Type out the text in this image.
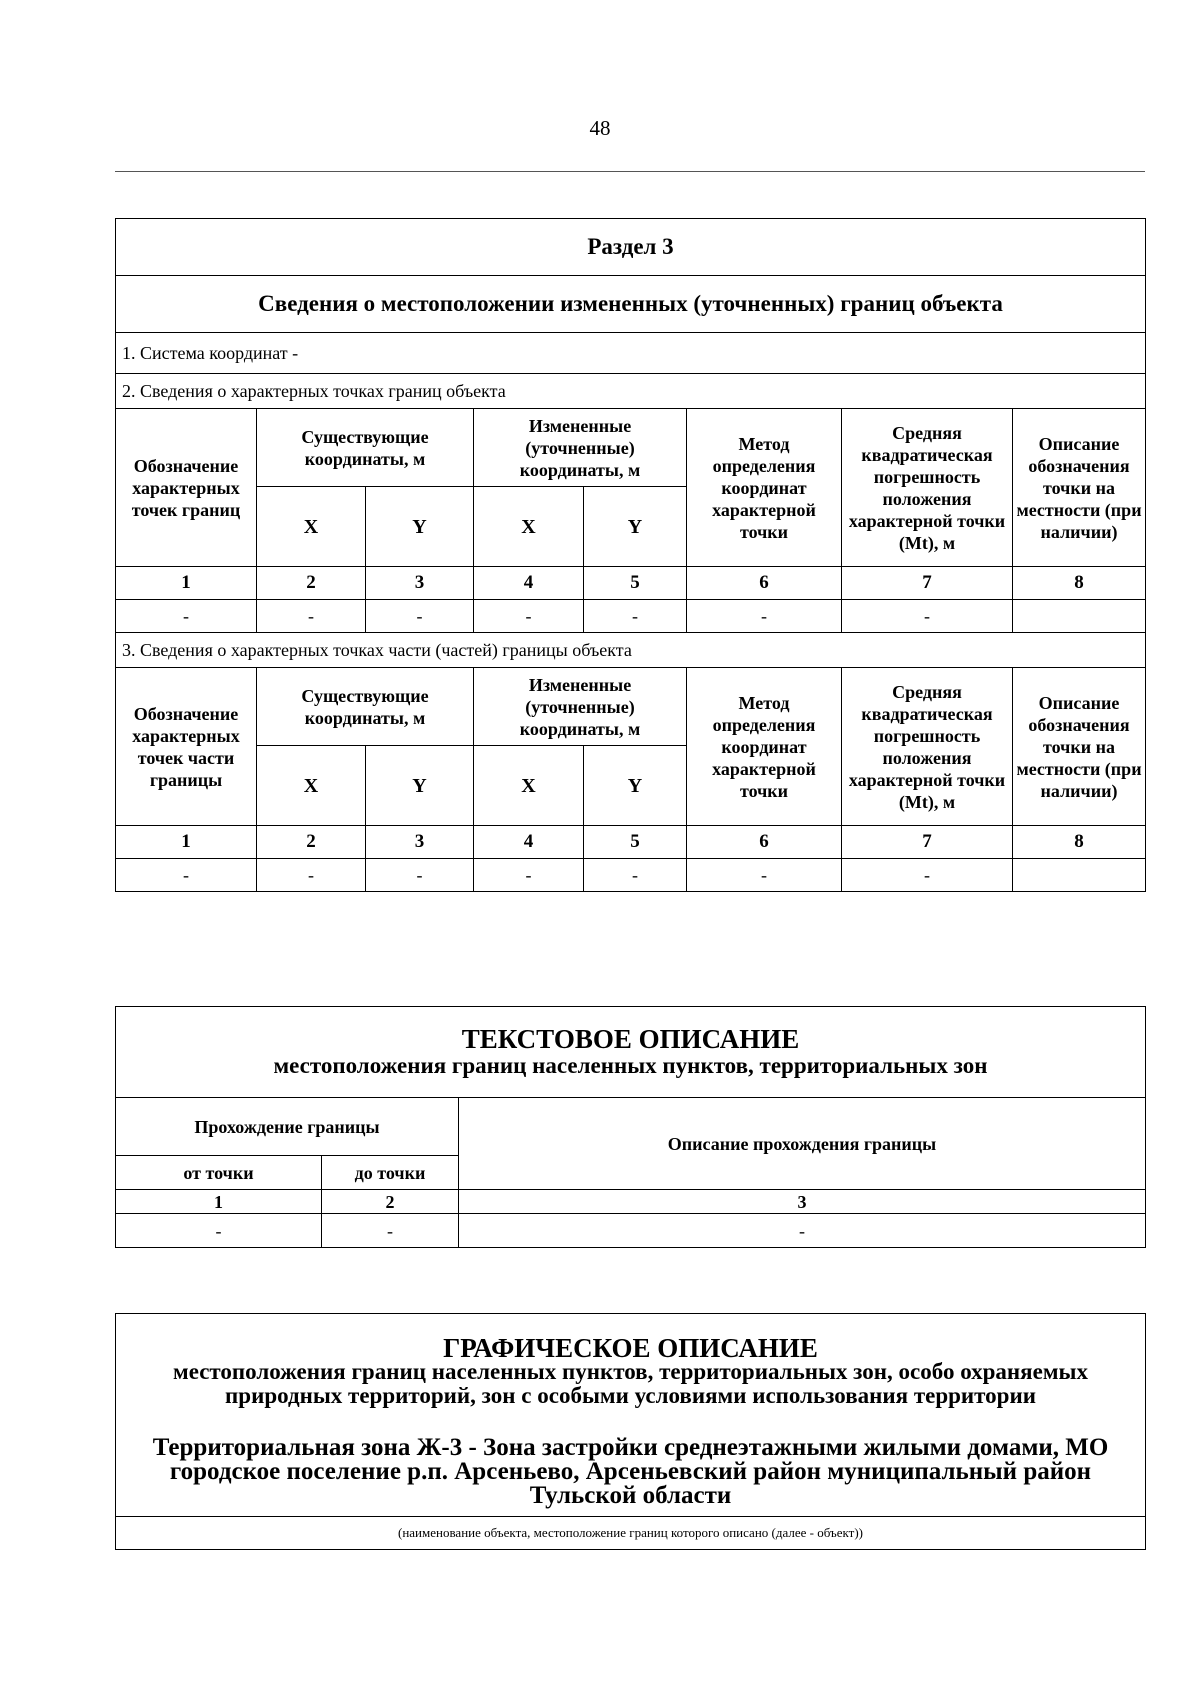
48
Раздел 3							
Сведения о местоположении измененных (уточненных) границ объекта							
1. Система координат -							
2. Сведения о характерных точках границ объекта							
Обозначение характерных точек границ	Существующие координаты, м		Измененные (уточненные) координаты, м		Метод определения координат характерной точки	Средняя квадратическая погрешность положения характерной точки (Mt), м	Описание обозначения точки на местности (при наличии)
	X	Y	X	Y			
1	2	3	4	5	6	7	8
-	-	-	-	-	-	-	
3. Сведения о характерных точках части (частей) границы объекта							
Обозначение характерных точек части границы	Существующие координаты, м		Измененные (уточненные) координаты, м		Метод определения координат характерной точки	Средняя квадратическая погрешность положения характерной точки (Mt), м	Описание обозначения точки на местности (при наличии)
	X	Y	X	Y			
1	2	3	4	5	6	7	8
-	-	-	-	-	-	-	
ТЕКСТОВОЕ ОПИСАНИЕ
местоположения границ населенных пунктов, территориальных зон		

Прохождение границы		Описание прохождения границы
от точки	до точки	
1	2	3
-	-	-
ГРАФИЧЕСКОЕ ОПИСАНИЕ
местоположения границ населенных пунктов, территориальных зон, особо охраняемых природных территорий, зон с особыми условиями использования территории
Территориальная зона Ж-3 - Зона застройки среднеэтажными жилыми домами, МО городское поселение р.п. Арсеньево, Арсеньевский район муниципальный район Тульской области

(наименование объекта, местоположение границ которого описано (далее - объект))
